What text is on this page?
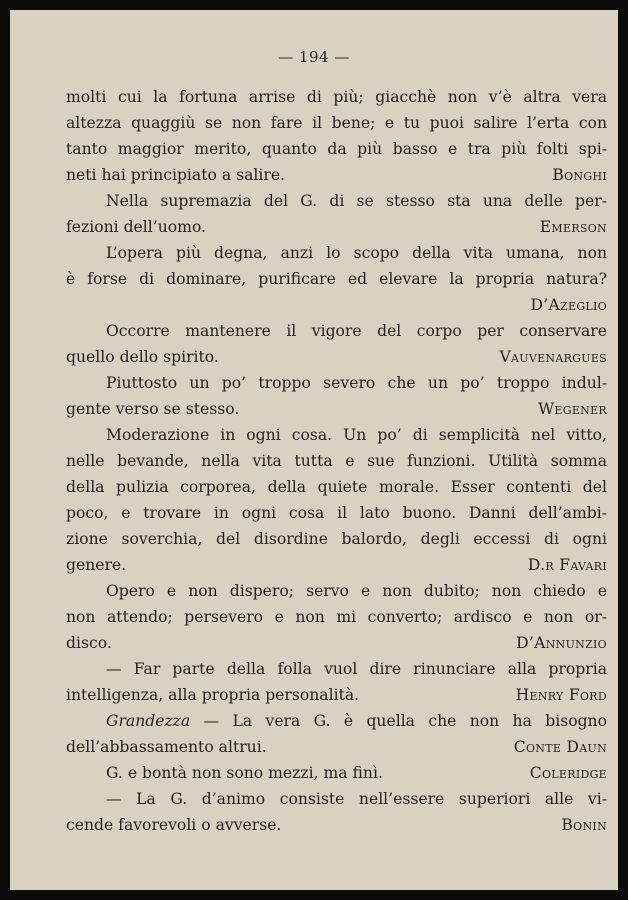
— 194 —
molti cui la fortuna arrise di più; giacchè non v’è altra vera
altezza quaggiù se non fare il bene; e tu puoi salire l’erta con
tanto maggior merito, quanto da più basso e tra più folti spi-
neti hai principiato a salire.	Bonghi
Nella supremazia del G. di se stesso sta una delle per-
fezioni dell’uomo.	Emerson
L’opera più degna, anzi lo scopo della vita umana, non
è forse di dominare, purificare ed elevare la propria natura?
D’Azeglio
Occorre mantenere il vigore del corpo per conservare
quello dello spirito.	Vauvenargues
Piuttosto un po’ troppo severo che un po’ troppo indul-
gente verso se stesso.	Wegener
Moderazione in ogni cosa. Un po’ di semplicità nel vitto,
nelle bevande, nella vita tutta e sue funzioni. Utilità somma
della pulizia corporea, della quiete morale. Esser contenti del
poco, e trovare in ogni cosa il lato buono. Danni dell’ambi-
zione soverchia, del disordine balordo, degli eccessi di ogni
genere.	D.r Favari
Opero e non dispero; servo e non dubito; non chiedo e
non attendo; persevero e non mi converto; ardisco e non or-
disco.	D’Annunzio
— Far parte della folla vuol dire rinunciare alla propria
intelligenza, alla propria personalità.	Henry Ford
Grandezza — La vera G. è quella che non ha bisogno
dell’abbassamento altrui.	Conte Daun
G. e bontà non sono mezzi, ma finì.	Coleridge
— La G. d’animo consiste nell’essere superiori alle vi-
cende favorevoli o avverse.	Bonin
